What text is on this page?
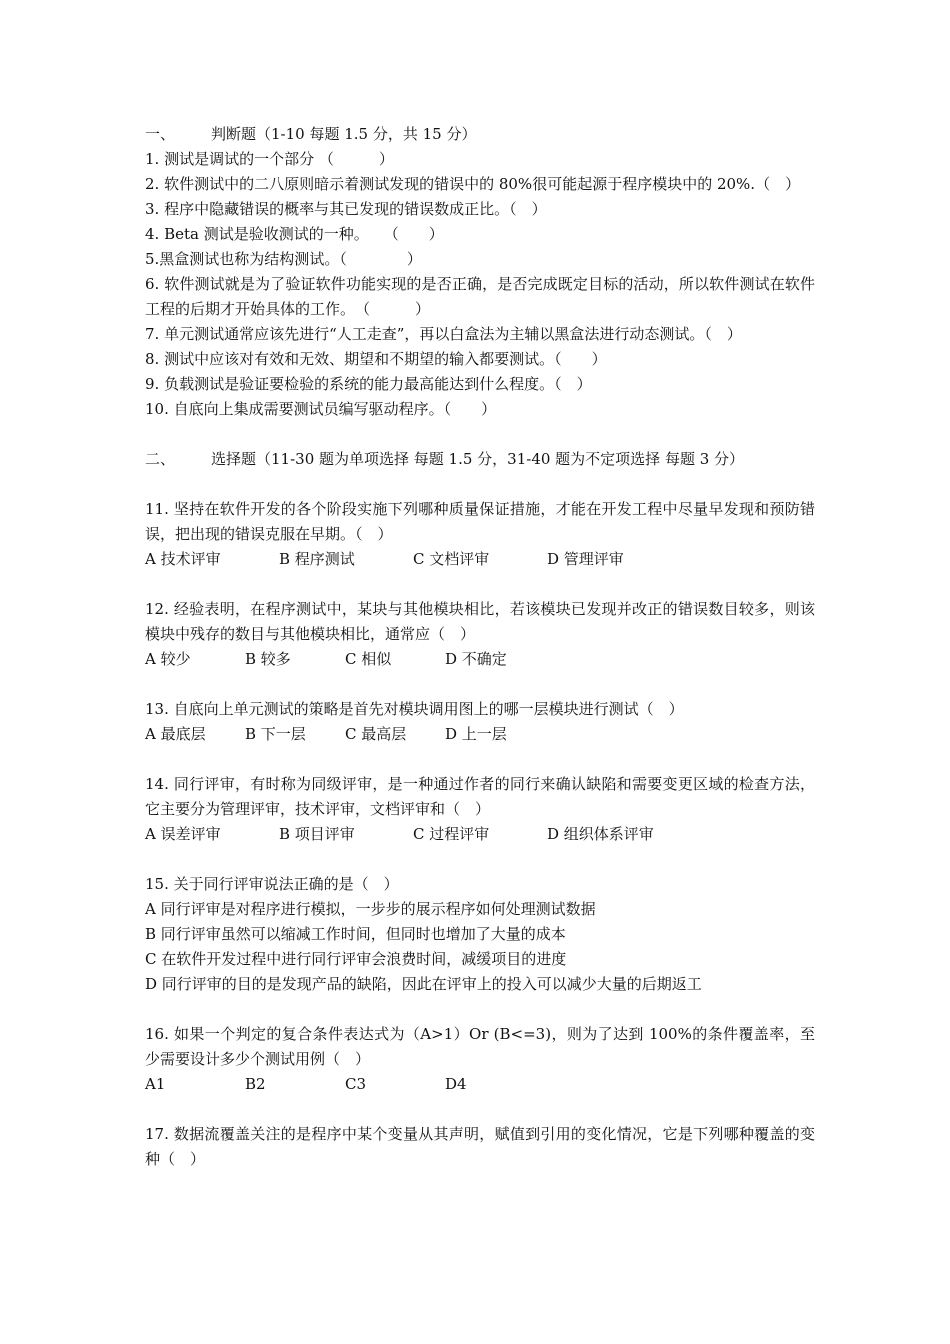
一、	判断题（1-10 每题 1.5 分，共 15 分）
1. 测试是调试的一个部分 （　　　）
2. 软件测试中的二八原则暗示着测试发现的错误中的 80%很可能起源于程序模块中的 20%.（　）
3. 程序中隐藏错误的概率与其已发现的错误数成正比。（　）
4. Beta 测试是验收测试的一种。　　（　　）
5.黑盒测试也称为结构测试。（　　　　）
6. 软件测试就是为了验证软件功能实现的是否正确，是否完成既定目标的活动，所以软件测试在软件工程的后期才开始具体的工作。　（　　　）
7. 单元测试通常应该先进行“人工走查”，再以白盒法为主辅以黑盒法进行动态测试。（　）
8. 测试中应该对有效和无效、期望和不期望的输入都要测试。（　　）
9. 负载测试是验证要检验的系统的能力最高能达到什么程度。（　）
10. 自底向上集成需要测试员编写驱动程序。（　　）
二、	选择题（11-30 题为单项选择 每题 1.5 分，31-40 题为不定项选择 每题 3 分）
11. 坚持在软件开发的各个阶段实施下列哪种质量保证措施，才能在开发工程中尽量早发现和预防错误，把出现的错误克服在早期。（　）
A 技术评审	B 程序测试	C 文档评审	D 管理评审
12. 经验表明，在程序测试中，某块与其他模块相比，若该模块已发现并改正的错误数目较多，则该模块中残存的数目与其他模块相比，通常应（　）
A 较少	B 较多	C 相似	D 不确定
13. 自底向上单元测试的策略是首先对模块调用图上的哪一层模块进行测试（　）
A 最底层	B 下一层	C 最高层	D 上一层
14. 同行评审，有时称为同级评审，是一种通过作者的同行来确认缺陷和需要变更区域的检查方法，它主要分为管理评审，技术评审，文档评审和（　）
A 误差评审	B 项目评审	C 过程评审	D 组织体系评审
15. 关于同行评审说法正确的是（　）
A 同行评审是对程序进行模拟，一步步的展示程序如何处理测试数据
B 同行评审虽然可以缩减工作时间，但同时也增加了大量的成本
C 在软件开发过程中进行同行评审会浪费时间，减缓项目的进度
D 同行评审的目的是发现产品的缺陷，因此在评审上的投入可以减少大量的后期返工
16. 如果一个判定的复合条件表达式为（A>1）Or (B<=3)，则为了达到 100%的条件覆盖率，至少需要设计多少个测试用例（　）
A1	B2	C3	D4
17. 数据流覆盖关注的是程序中某个变量从其声明，赋值到引用的变化情况，它是下列哪种覆盖的变种（　）
